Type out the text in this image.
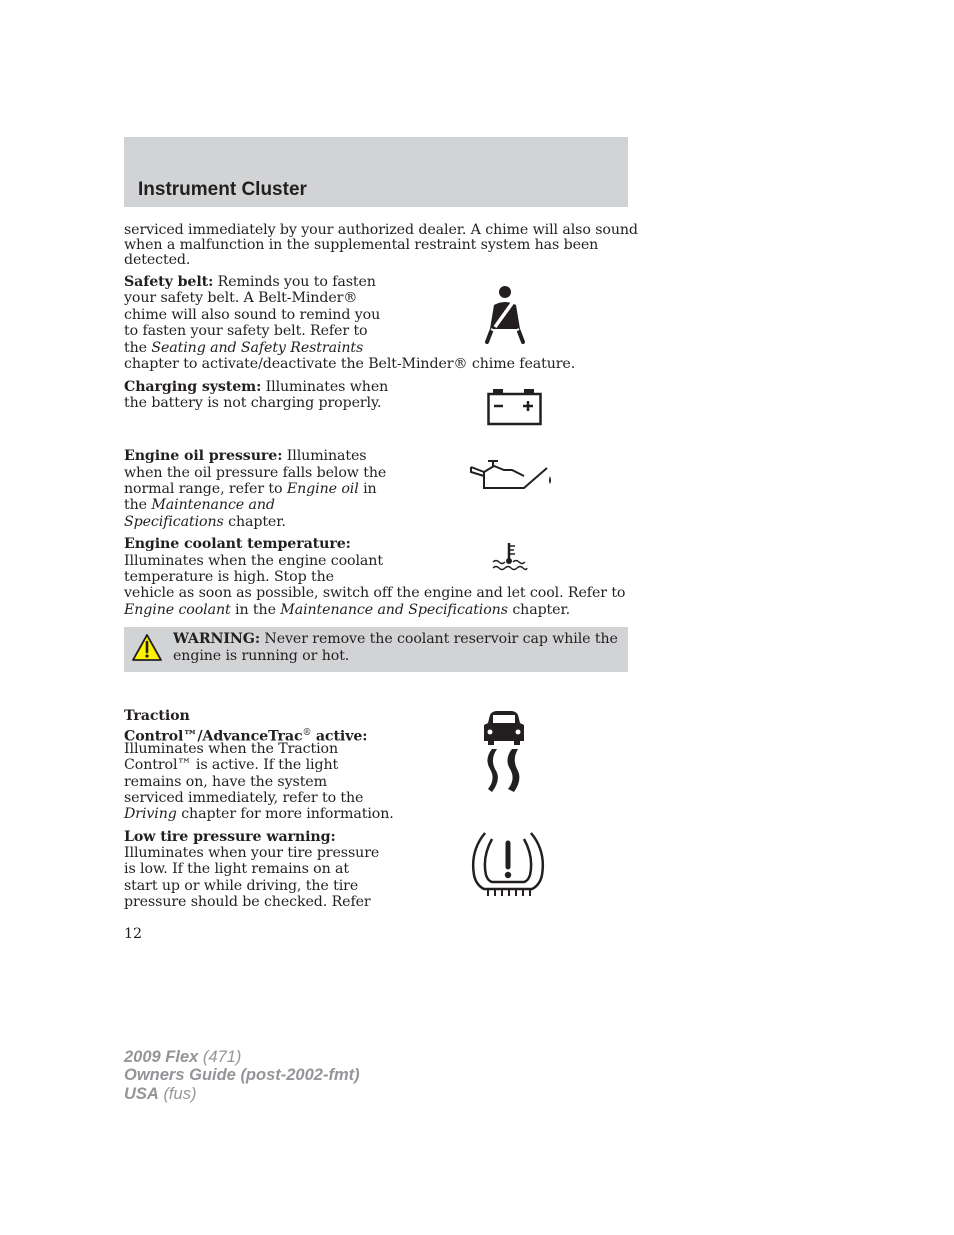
Instrument Cluster
serviced immediately by your authorized dealer. A chime will also sound
when a malfunction in the supplemental restraint system has been
detected.
Safety belt: Reminds you to fasten
your safety belt. A Belt-Minder®
chime will also sound to remind you
to fasten your safety belt. Refer to
the Seating and Safety Restraints
chapter to activate/deactivate the Belt-Minder® chime feature.
Charging system: Illuminates when
the battery is not charging properly.
Engine oil pressure: Illuminates
when the oil pressure falls below the
normal range, refer to Engine oil in
the Maintenance and
Specifications chapter.
Engine coolant temperature:
Illuminates when the engine coolant
temperature is high. Stop the
vehicle as soon as possible, switch off the engine and let cool. Refer to
Engine coolant in the Maintenance and Specifications chapter.
WARNING: Never remove the coolant reservoir cap while the
engine is running or hot.
Traction
Control™/AdvanceTrac® active:
Illuminates when the Traction
Control™ is active. If the light
remains on, have the system
serviced immediately, refer to the
Driving chapter for more information.
Low tire pressure warning:
Illuminates when your tire pressure
is low. If the light remains on at
start up or while driving, the tire
pressure should be checked. Refer
12
2009 Flex (471)
Owners Guide (post-2002-fmt)
USA (fus)
